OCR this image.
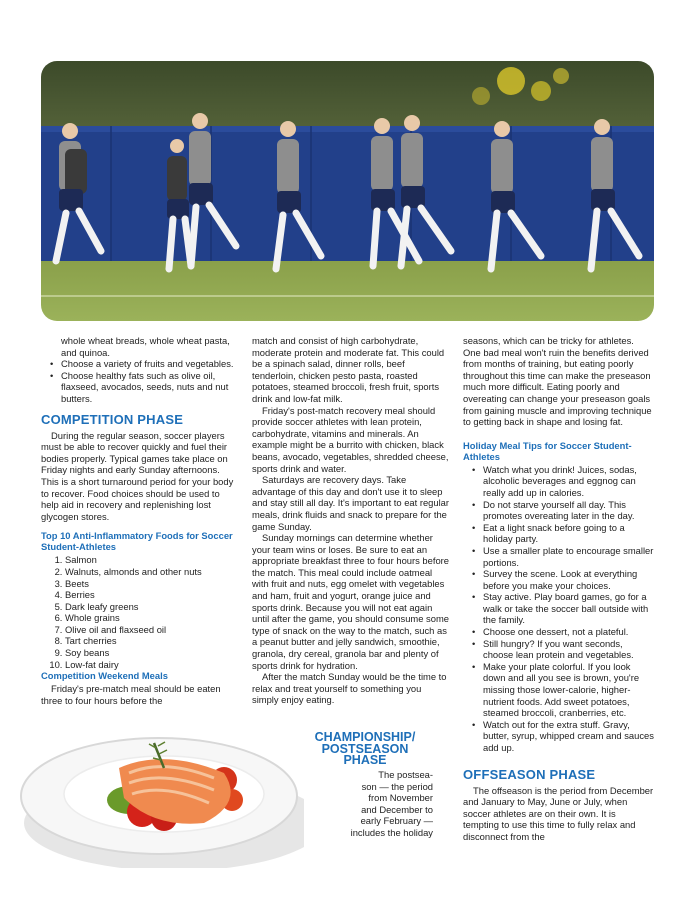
whole wheat breads, whole wheat pasta, and quinoa.

• Choose a variety of fruits and vegetables.
• Choose healthy fats such as olive oil, flaxseed, avocados, seeds, nuts and nut butters.
COMPETITION PHASE

During the regular season, soccer players must be able to recover quickly and fuel their bodies properly. Typical games take place on Friday nights and early Sunday afternoons. This is a short turnaround period for your body to recover. Food choices should be used to help aid in recovery and replenishing lost glycogen stores.

Top 10 Anti-Inflammatory Foods for Soccer Student-Athletes
1. Salmon
2. Walnuts, almonds and other nuts
3. Beets
4. Berries
5. Dark leafy greens
6. Whole grains
7. Olive oil and flaxseed oil
8. Tart cherries
9. Soy beans
10. Low-fat dairy
Competition Weekend Meals

Friday's pre-match meal should be eaten three to four hours before the

match and consist of high carbohydrate, moderate protein and moderate fat. This could be a spinach salad, dinner rolls, beef tenderloin, chicken pesto pasta, roasted potatoes, steamed broccoli, fresh fruit, sports drink and low-fat milk.

Friday's post-match recovery meal should provide soccer athletes with lean protein, carbohydrate, vitamins and minerals. An example might be a burrito with chicken, black beans, avocado, vegetables, shredded cheese, sports drink and water.

Saturdays are recovery days. Take advantage of this day and don't use it to sleep and stay still all day. It's important to eat regular meals, drink fluids and snack to prepare for the game Sunday.

Sunday mornings can determine whether your team wins or loses. Be sure to eat an appropriate breakfast three to four hours before the match. This meal could include oatmeal with fruit and nuts, egg omelet with vegetables and ham, fruit and yogurt, orange juice and sports drink. Because you will not eat again until after the game, you should consume some type of snack on the way to the match, such as a peanut butter and jelly sandwich, smoothie, granola, dry cereal, granola bar and plenty of sports drink for hydration.

After the match Sunday would be the time to relax and treat yourself to something you simply enjoy eating.

CHAMPIONSHIP/
POSTSEASON
PHASE
The postsea-
son — the period
from November
and December to
early February —
includes the holiday

seasons, which can be tricky for athletes. One bad meal won't ruin the benefits derived from months of training, but eating poorly throughout this time can make the preseason much more difficult. Eating poorly and overeating can change your preseason goals from gaining muscle and improving technique to getting back in shape and losing fat.

Holiday Meal Tips for Soccer Student-Athletes
• Watch what you drink! Juices, sodas, alcoholic beverages and eggnog can really add up in calories.
• Do not starve yourself all day. This promotes overeating later in the day.
• Eat a light snack before going to a holiday party.
• Use a smaller plate to encourage smaller portions.
• Survey the scene. Look at everything before you make your choices.
• Stay active. Play board games, go for a walk or take the soccer ball outside with the family.
• Choose one dessert, not a plateful.
• Still hungry? If you want seconds, choose lean protein and vegetables.
• Make your plate colorful. If you look down and all you see is brown, you're missing those lower-calorie, higher-nutrient foods. Add sweet potatoes, steamed broccoli, cranberries, etc.
• Watch out for the extra stuff. Gravy, butter, syrup, whipped cream and sauces add up.
OFFSEASON PHASE

The offseason is the period from December and January to May, June or July, when soccer athletes are on their own. It is tempting to use this time to fully relax and disconnect from the
